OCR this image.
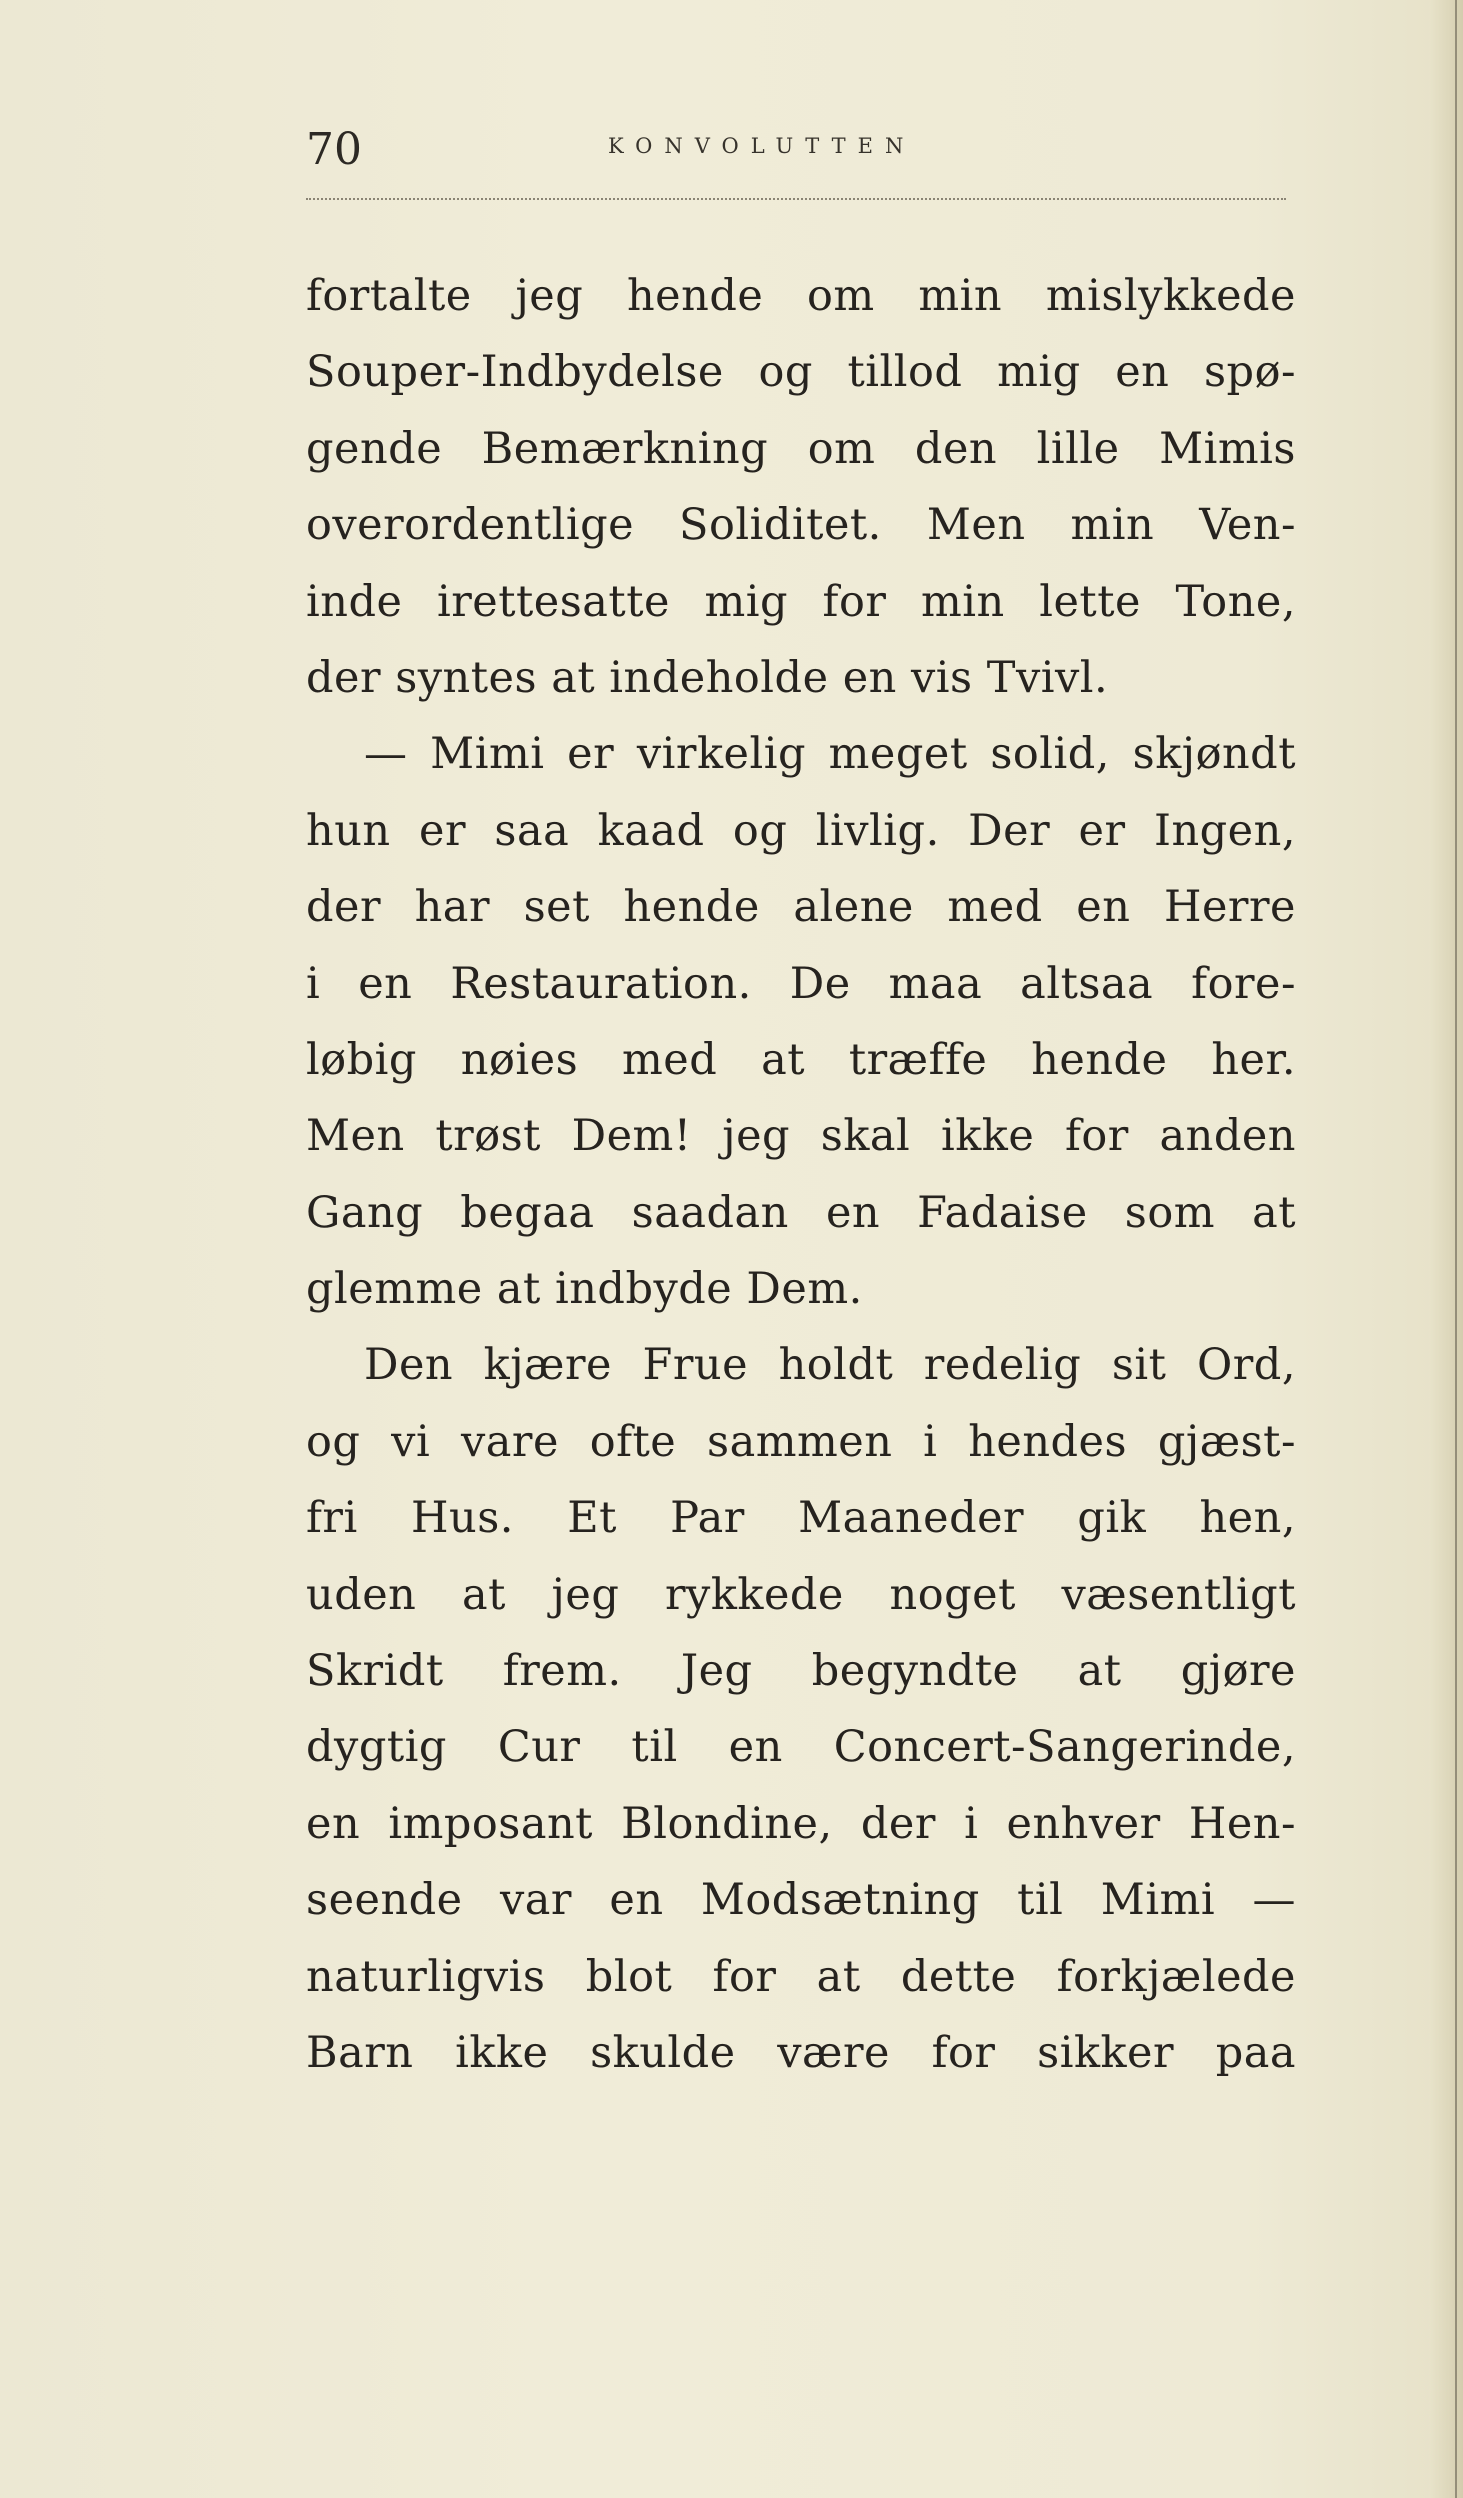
70	KONVOLUTTEN
fortalte jeg hende om min mislykkede
Souper-Indbydelse og tillod mig en spø-
gende Bemærkning om den lille Mimis
overordentlige Soliditet. Men min Ven-
inde irettesatte mig for min lette Tone,
der syntes at indeholde en vis Tvivl.
— Mimi er virkelig meget solid, skjøndt
hun er saa kaad og livlig. Der er Ingen,
der har set hende alene med en Herre
i en Restauration. De maa altsaa fore-
løbig nøies med at træffe hende her.
Men trøst Dem! jeg skal ikke for anden
Gang begaa saadan en Fadaise som at
glemme at indbyde Dem.
Den kjære Frue holdt redelig sit Ord,
og vi vare ofte sammen i hendes gjæst-
fri Hus. Et Par Maaneder gik hen,
uden at jeg rykkede noget væsentligt
Skridt frem. Jeg begyndte at gjøre
dygtig Cur til en Concert-Sangerinde,
en imposant Blondine, der i enhver Hen-
seende var en Modsætning til Mimi —
naturligvis blot for at dette forkjælede
Barn ikke skulde være for sikker paa
